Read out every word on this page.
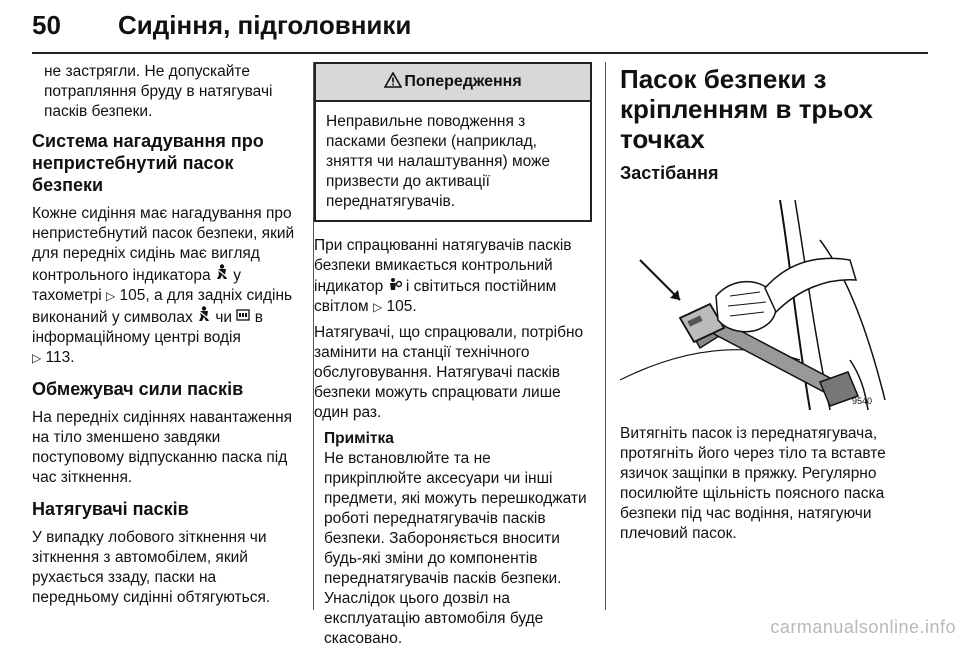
50 Сидіння, підголовники

не застрягли. Не допускайте потрапляння бруду в натягувачі пасків безпеки.

Система нагадування про непристебнутий пасок безпеки

Кожне сидіння має нагадування про непристебнутий пасок безпеки, який для передніх сидінь має вигляд контрольного індикатора у тахометрі ▷ 105, а для задніх сидінь виконаний у символах чи в інформаційному центрі водія
▷ 113.

Обмежувач сили пасків

На передніх сидіннях навантаження на тіло зменшено завдяки поступовому відпусканню паска під час зіткнення.

Натягувачі пасків

У випадку лобового зіткнення чи зіткнення з автомобілем, який рухається ззаду, паски на передньому сидінні обтягуються.

Попередження

Неправильне поводження з пасками безпеки (наприклад, зняття чи налаштування) може призвести до активації переднатягувачів.

При спрацюванні натягувачів пасків безпеки вмикається контрольний індикатор і світиться постійним світлом ▷ 105.

Натягувачі, що спрацювали, потрібно замінити на станції технічного обслуговування. Натягувачі пасків безпеки можуть спрацювати лише один раз.

Примітка

Не встановлюйте та не прикріплюйте аксесуари чи інші предмети, які можуть перешкоджати роботі переднатягувачів пасків безпеки. Забороняється вносити будь-які зміни до компонентів переднатягувачів пасків безпеки. Унаслідок цього дозвіл на експлуатацію автомобіля буде скасовано.

Пасок безпеки з кріпленням в трьох точках

Застібання

9540

Витягніть пасок із переднатягувача, протягніть його через тіло та вставте язичок защіпки в пряжку. Регулярно посилюйте щільність поясного паска безпеки під час водіння, натягуючи плечовий пасок.

carmanualsonline.info
